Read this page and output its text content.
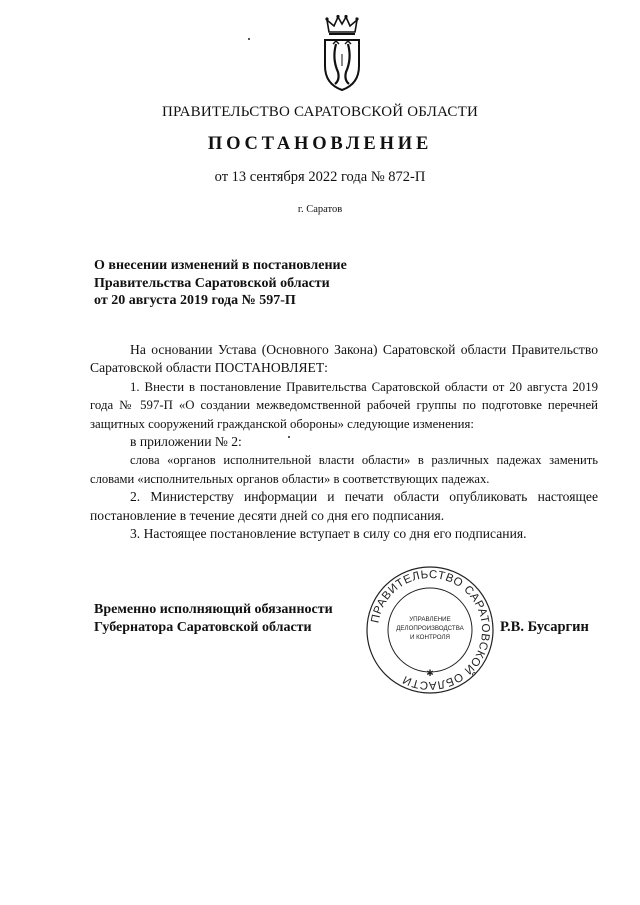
ПРАВИТЕЛЬСТВО САРАТОВСКОЙ ОБЛАСТИ
ПОСТАНОВЛЕНИЕ
от 13 сентября 2022 года № 872-П
г. Саратов
О внесении изменений в постановление
Правительства Саратовской области
от 20 августа 2019 года № 597-П

На основании Устава (Основного Закона) Саратовской области Правительство Саратовской области ПОСТАНОВЛЯЕТ:

1. Внести в постановление Правительства Саратовской области от 20 августа 2019 года № 597-П «О создании межведомственной рабочей группы по подготовке перечней защитных сооружений гражданской обороны» следующие изменения:

в приложении № 2:

слова «органов исполнительной власти области» в различных падежах заменить словами «исполнительных органов области» в соответствующих падежах.

2. Министерству информации и печати области опубликовать настоящее постановление в течение десяти дней со дня его подписания.

3. Настоящее постановление вступает в силу со дня его подписания.

Временно исполняющий обязанности
Губернатора Саратовской области
ПРАВИТЕЛЬСТВО САРАТОВСКОЙ ОБЛАСТИ
УПРАВЛЕНИЕ
ДЕЛОПРОИЗВОДСТВА
И КОНТРОЛЯ
✱
Р.В. Бусаргин
